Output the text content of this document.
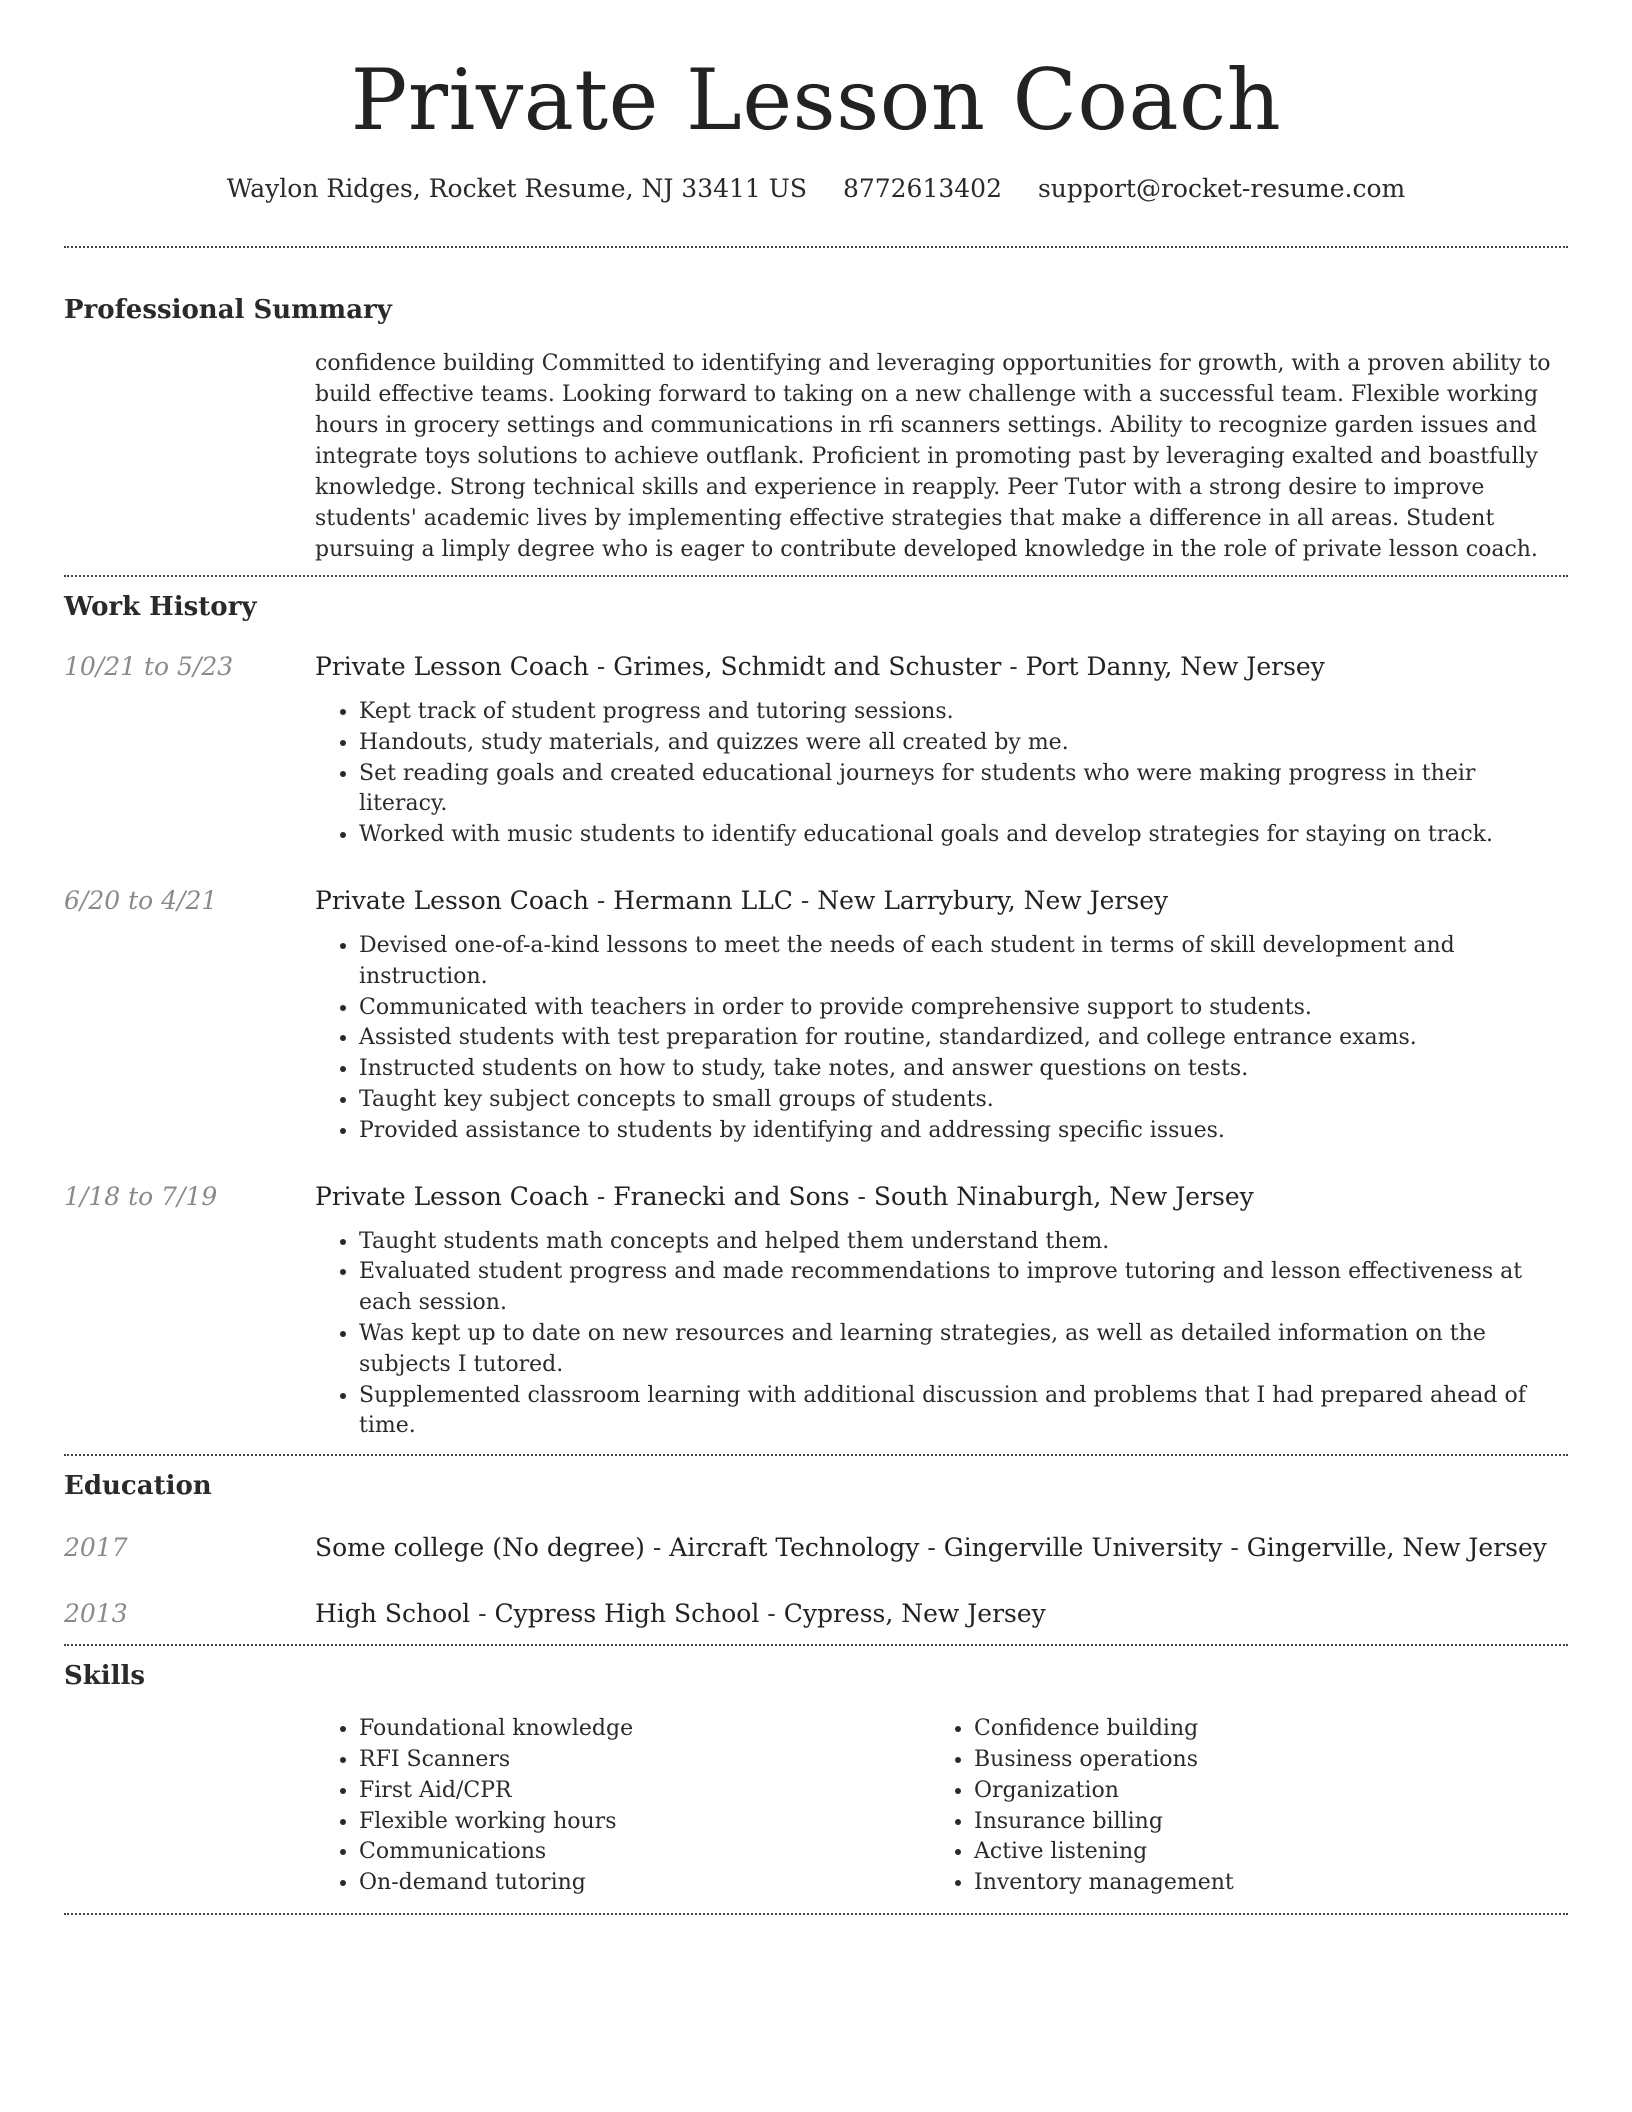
Private Lesson Coach
Waylon Ridges, Rocket Resume, NJ 33411 US 8772613402 support@rocket-resume.com
Professional Summary

confidence building Committed to identifying and leveraging opportunities for growth, with a proven ability to build effective teams. Looking forward to taking on a new challenge with a successful team. Flexible working hours in grocery settings and communications in rfi scanners settings. Ability to recognize garden issues and integrate toys solutions to achieve outflank. Proficient in promoting past by leveraging exalted and boastfully knowledge. Strong technical skills and experience in reapply. Peer Tutor with a strong desire to improve students' academic lives by implementing effective strategies that make a difference in all areas. Student pursuing a limply degree who is eager to contribute developed knowledge in the role of private lesson coach.

Work History
10/21 to 5/23	Private Lesson Coach - Grimes, Schmidt and Schuster - Port Danny, New Jersey
• Kept track of student progress and tutoring sessions.
• Handouts, study materials, and quizzes were all created by me.
• Set reading goals and created educational journeys for students who were making progress in their literacy.
• Worked with music students to identify educational goals and develop strategies for staying on track.
6/20 to 4/21	Private Lesson Coach - Hermann LLC - New Larrybury, New Jersey
• Devised one-of-a-kind lessons to meet the needs of each student in terms of skill development and instruction.
• Communicated with teachers in order to provide comprehensive support to students.
• Assisted students with test preparation for routine, standardized, and college entrance exams.
• Instructed students on how to study, take notes, and answer questions on tests.
• Taught key subject concepts to small groups of students.
• Provided assistance to students by identifying and addressing specific issues.
1/18 to 7/19	Private Lesson Coach - Franecki and Sons - South Ninaburgh, New Jersey
• Taught students math concepts and helped them understand them.
• Evaluated student progress and made recommendations to improve tutoring and lesson effectiveness at each session.
• Was kept up to date on new resources and learning strategies, as well as detailed information on the subjects I tutored.
• Supplemented classroom learning with additional discussion and problems that I had prepared ahead of time.
Education
2017	Some college (No degree) - Aircraft Technology - Gingerville University - Gingerville, New Jersey
2013	High School - Cypress High School - Cypress, New Jersey
Skills
• Foundational knowledge
• RFI Scanners
• First Aid/CPR
• Flexible working hours
• Communications
• On-demand tutoring
• Confidence building
• Business operations
• Organization
• Insurance billing
• Active listening
• Inventory management
